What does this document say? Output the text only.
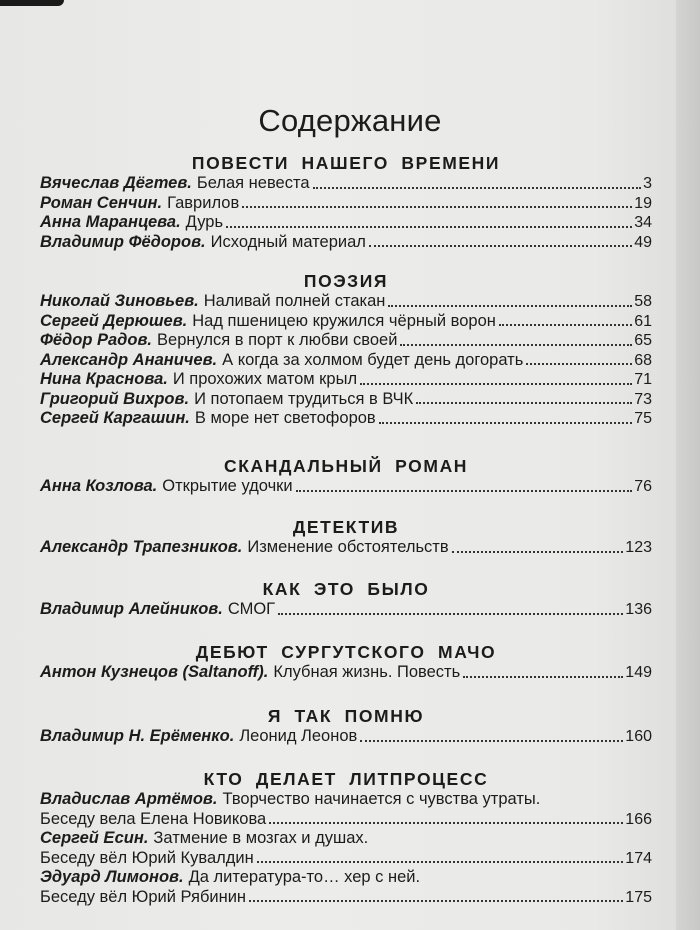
Содержание
ПОВЕСТИ НАШЕГО ВРЕМЕНИ
Вячеслав Дёгтев. Белая невеста	3
Роман Сенчин. Гаврилов	19
Анна Маранцева. Дурь	34
Владимир Фёдоров. Исходный материал	49
ПОЭЗИЯ
Николай Зиновьев. Наливай полней стакан	58
Сергей Дерюшев. Над пшеницею кружился чёрный ворон	61
Фёдор Радов. Вернулся в порт к любви своей	65
Александр Ананичев. А когда за холмом будет день догорать	68
Нина Краснова. И прохожих матом крыл	71
Григорий Вихров. И потопаем трудиться в ВЧК	73
Сергей Каргашин. В море нет светофоров	75
СКАНДАЛЬНЫЙ РОМАН
Анна Козлова. Открытие удочки	76
ДЕТЕКТИВ
Александр Трапезников. Изменение обстоятельств	123
КАК ЭТО БЫЛО
Владимир Алейников. СМОГ	136
ДЕБЮТ СУРГУТСКОГО МАЧО
Антон Кузнецов (Saltanoff). Клубная жизнь. Повесть	149
Я ТАК ПОМНЮ
Владимир Н. Ерёменко. Леонид Леонов	160
КТО ДЕЛАЕТ ЛИТПРОЦЕСС
Владислав Артёмов. Творчество начинается с чувства утраты.
Беседу вела Елена Новикова	166
Сергей Есин. Затмение в мозгах и душах.
Беседу вёл Юрий Кувалдин	174
Эдуард Лимонов. Да литература-то… хер с ней.
Беседу вёл Юрий Рябинин	175
